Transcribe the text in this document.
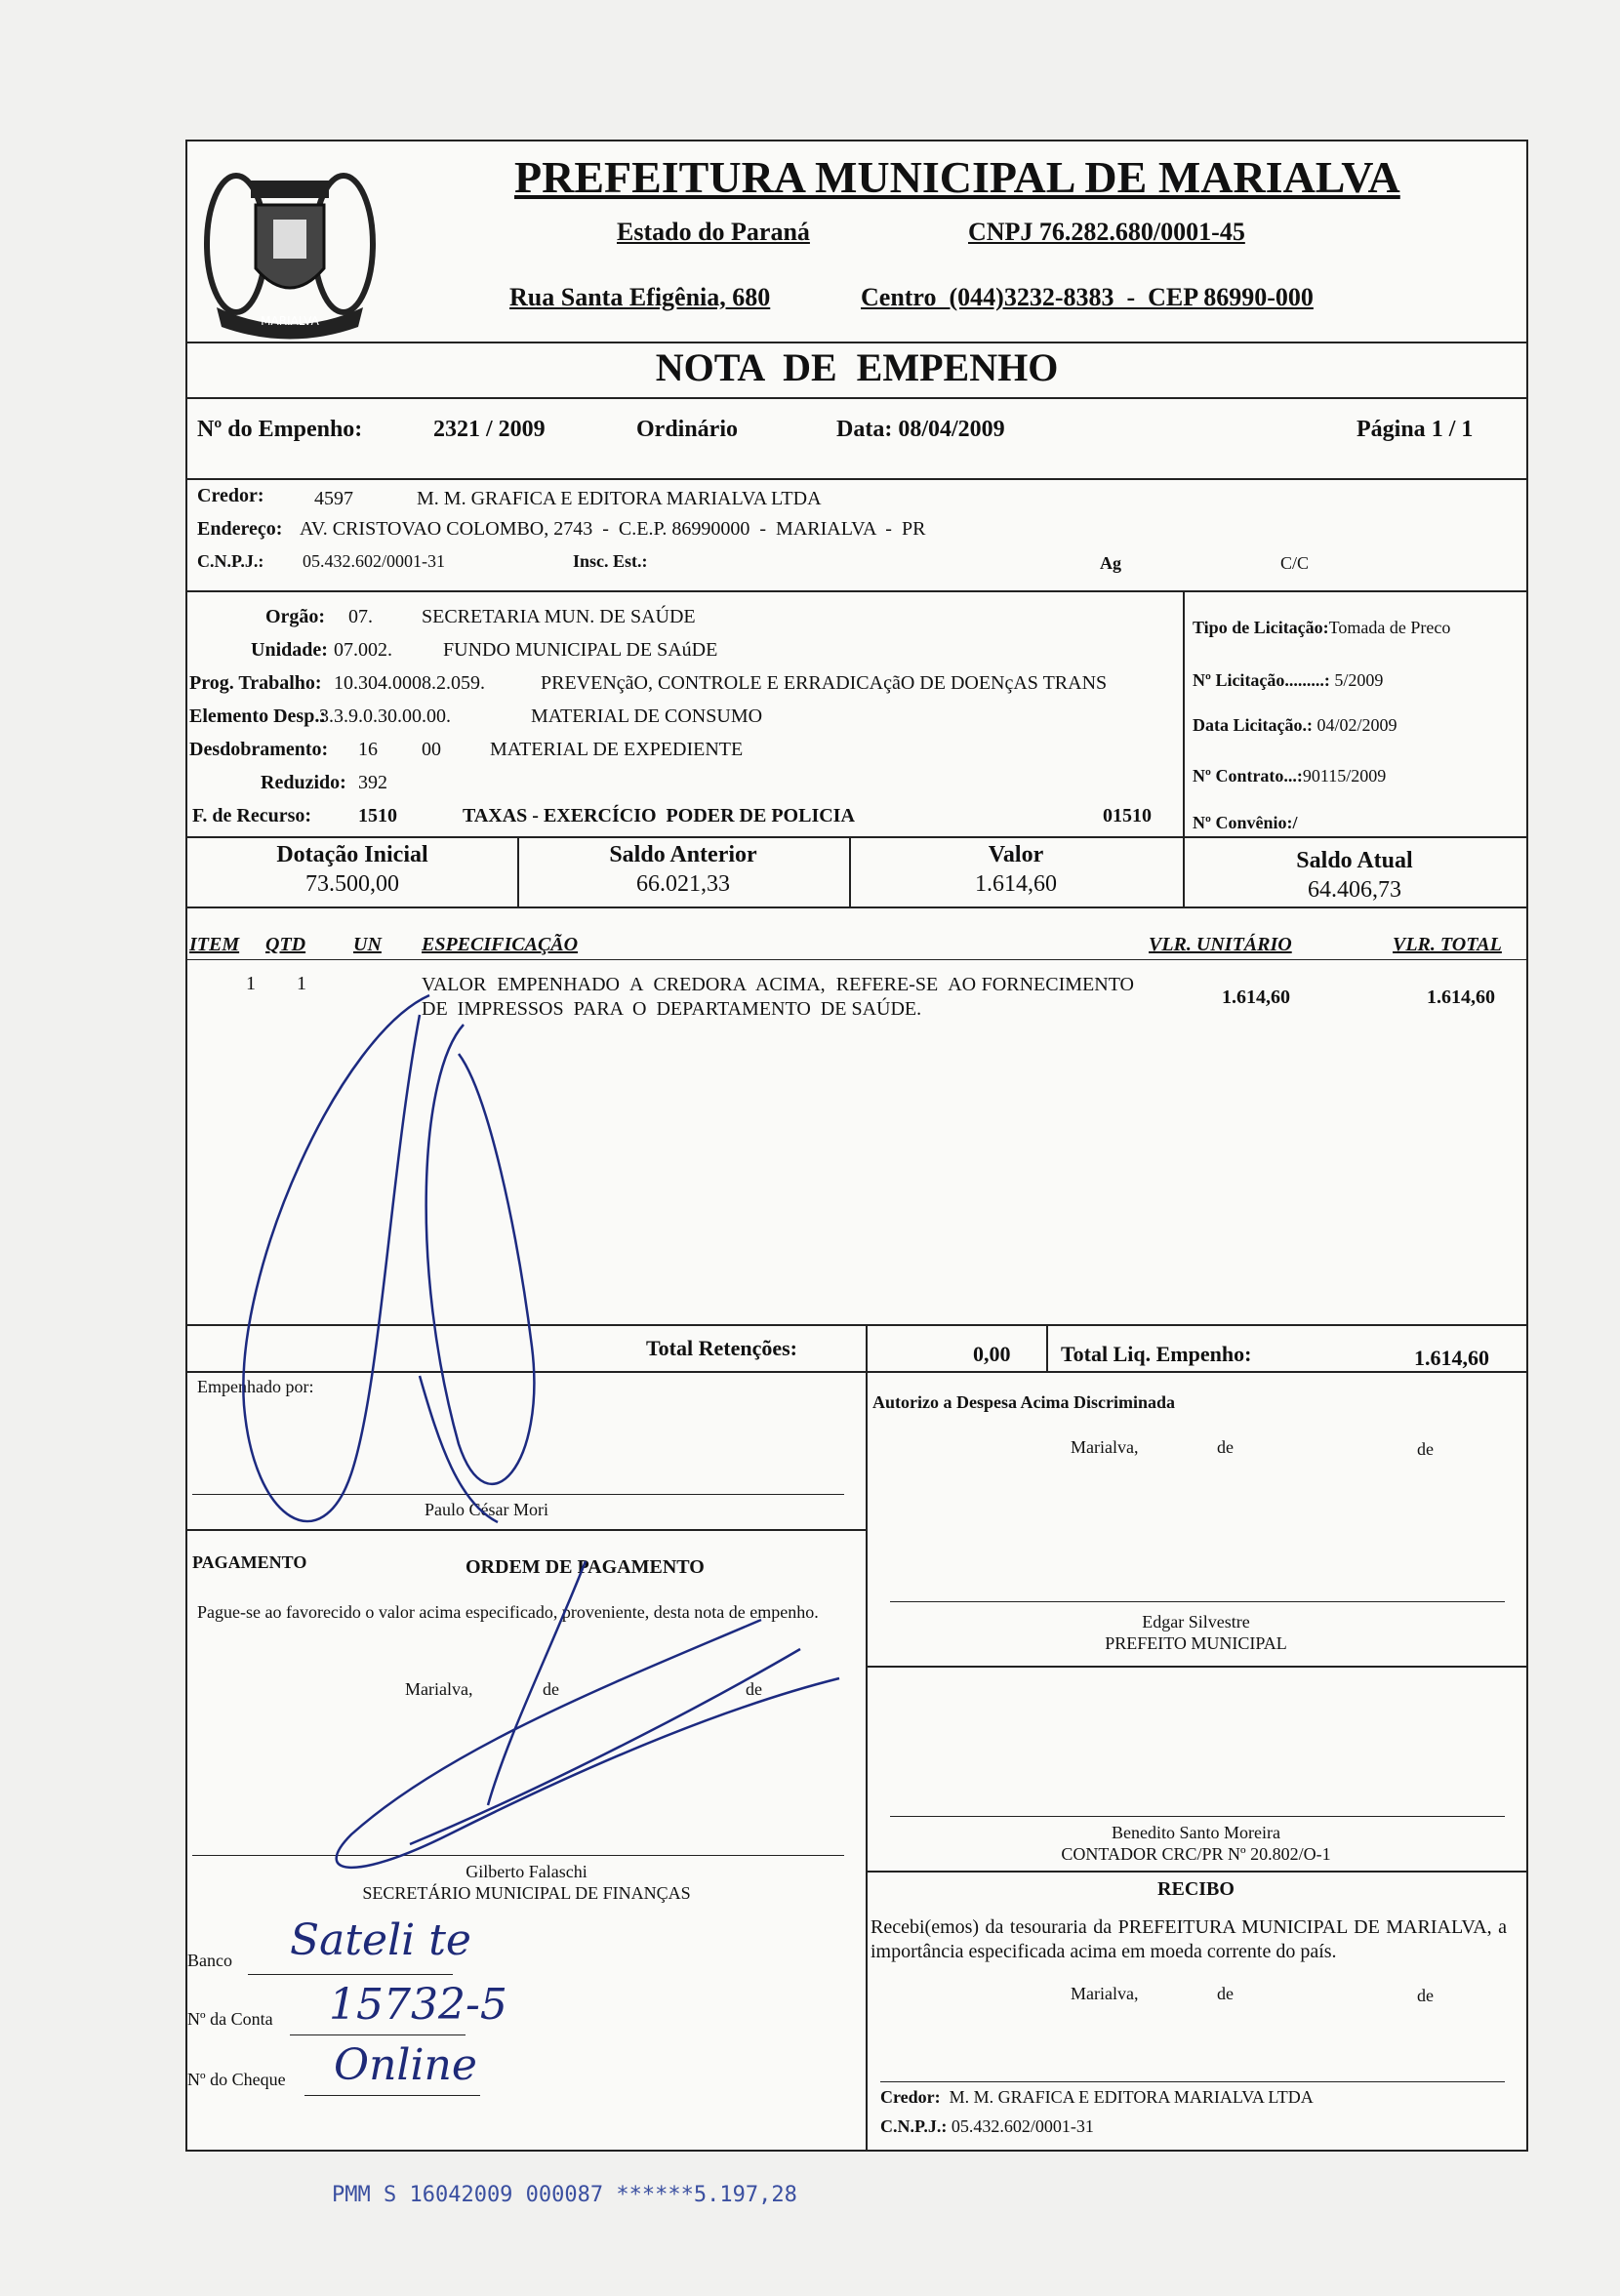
MARIALVA
PREFEITURA MUNICIPAL DE MARIALVA
Estado do Paraná	CNPJ 76.282.680/0001-45
Rua Santa Efigênia, 680	Centro  (044)3232-8383  -  CEP 86990-000
NOTA  DE  EMPENHO
Nº do Empenho:	2321 / 2009	Ordinário	Data: 08/04/2009	Página 1 / 1
Credor:	4597	M. M. GRAFICA E EDITORA MARIALVA LTDA
Endereço: AV. CRISTOVAO COLOMBO, 2743  -  C.E.P. 86990000  -  MARIALVA  -  PR
C.N.P.J.: 05.432.602/0001-31	Insc. Est.:	Ag	C/C
Orgão: 07.	SECRETARIA MUN. DE SAÚDE
Unidade: 07.002.	FUNDO MUNICIPAL DE SAúDE
Prog. Trabalho: 10.304.0008.2.059.	PREVENçãO, CONTROLE E ERRADICAçãO DE DOENçAS TRANS
Elemento Desp.:
3.3.9.0.30.00.00.	MATERIAL DE CONSUMO
Desdobramento: 16 00	MATERIAL DE EXPEDIENTE
Reduzido: 392
F. de Recurso: 1510	TAXAS - EXERCÍCIO  PODER DE POLICIA	01510
Tipo de Licitação:Tomada de Preco
Nº Licitação.........: 5/2009
Data Licitação.: 04/02/2009
Nº Contrato...:90115/2009
Nº Convênio:/
Dotação Inicial
73.500,00
Saldo Anterior
66.021,33
Valor
1.614,60
Saldo Atual
64.406,73
ITEM QTD UN ESPECIFICAÇÃO	VLR. UNITÁRIO	VLR. TOTAL
1 1	VALOR  EMPENHADO  A  CREDORA  ACIMA,  REFERE-SE  AO FORNECIMENTO  DE  IMPRESSOS  PARA  O  DEPARTAMENTO  DE SAÚDE.
1.614,60	1.614,60
Total Retenções:	0,00 Total Liq. Empenho:	1.614,60
Empenhado por:
Paulo César Mori
Autorizo a Despesa Acima Discriminada
Marialva,	de	de
Edgar Silvestre
PREFEITO MUNICIPAL
PAGAMENTO	ORDEM DE PAGAMENTO
Pague-se ao favorecido o valor acima especificado, proveniente, desta nota de empenho.
Marialva,	de	de
Gilberto Falaschi
SECRETÁRIO MUNICIPAL DE FINANÇAS
Benedito Santo Moreira
CONTADOR CRC/PR Nº 20.802/O-1
RECIBO
Recebi(emos) da tesouraria da PREFEITURA MUNICIPAL DE MARIALVA, a importância especificada acima em moeda corrente do país.
Marialva,	de	de
Credor: M. M. GRAFICA E EDITORA MARIALVA LTDA
C.N.P.J.: 05.432.602/0001-31
Banco Sateli te
Nº da Conta 15732-5
Nº do Cheque Online
PMM S 16042009 000087 ******5.197,28
